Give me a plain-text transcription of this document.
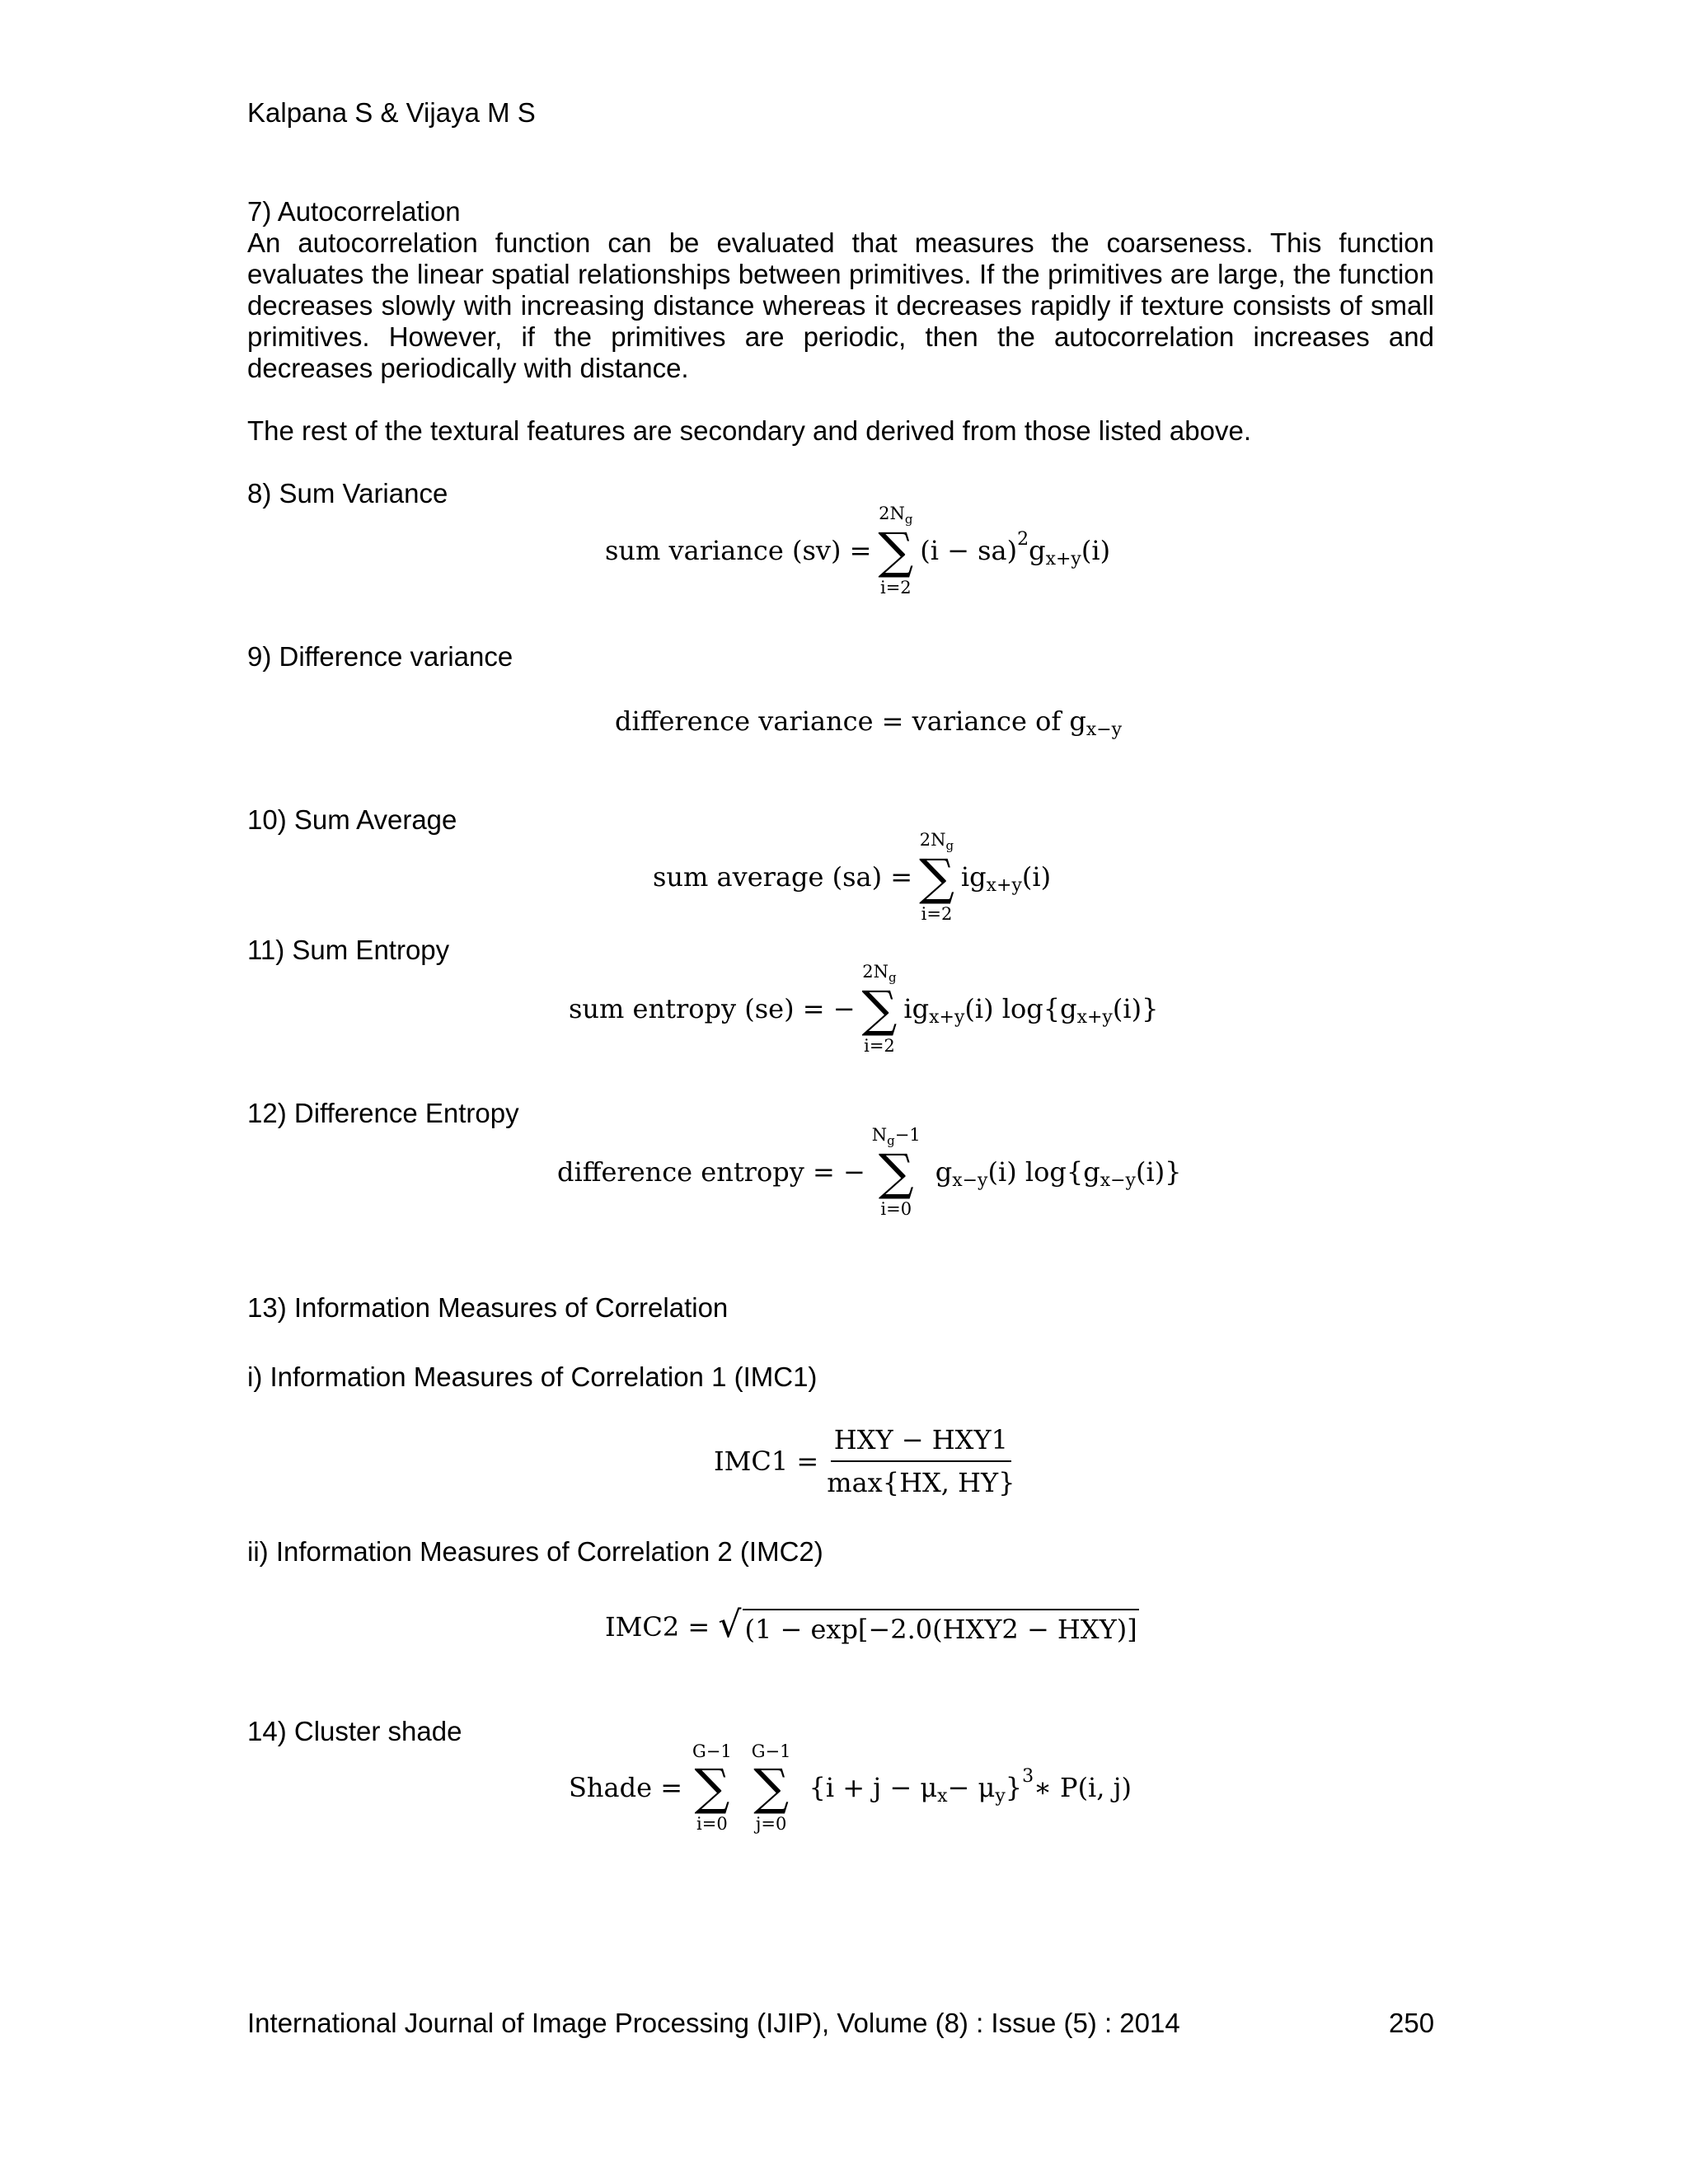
Kalpana S & Vijaya M S
7) Autocorrelation
An autocorrelation function can be evaluated that measures the coarseness. This function evaluates the linear spatial relationships between primitives. If the primitives are large, the function decreases slowly with increasing distance whereas it decreases rapidly if texture consists of small primitives. However, if the primitives are periodic, then the autocorrelation increases and decreases periodically with distance.
The rest of the textural features are secondary and derived from those listed above.
8) Sum Variance
sum variance (sv) =
$2N_g$
∑
i=2
(i − sa) 2 g x+y (i)
9) Difference variance
difference variance = variance of g x−y
10) Sum Average
sum average (sa) =
$2N_g$
∑
i=2
ig x+y (i)
11) Sum Entropy
sum entropy (se) = −
$2N_g$
∑
i=2
ig x+y (i) log{g x+y (i)}
12) Difference Entropy
difference entropy = −
$N_g-1$
∑
i=0
g x−y (i) log{g x−y (i)}
13) Information Measures of Correlation
i) Information Measures of Correlation 1 (IMC1)
$IMC1 = \frac{\text{HXY − HXY1}}{\max\{HX, HY\}}$
ii) Information Measures of Correlation 2 (IMC2)
IMC2 =
√ (1 − exp[−2.0(HXY2 − HXY)]
14) Cluster shade
Shade =
G−1
∑
i=0
G−1
∑
j=0
{i + j − μ x − μ y } 3 ∗ P(i, j)
International Journal of Image Processing (IJIP), Volume (8) : Issue (5) : 2014	250
